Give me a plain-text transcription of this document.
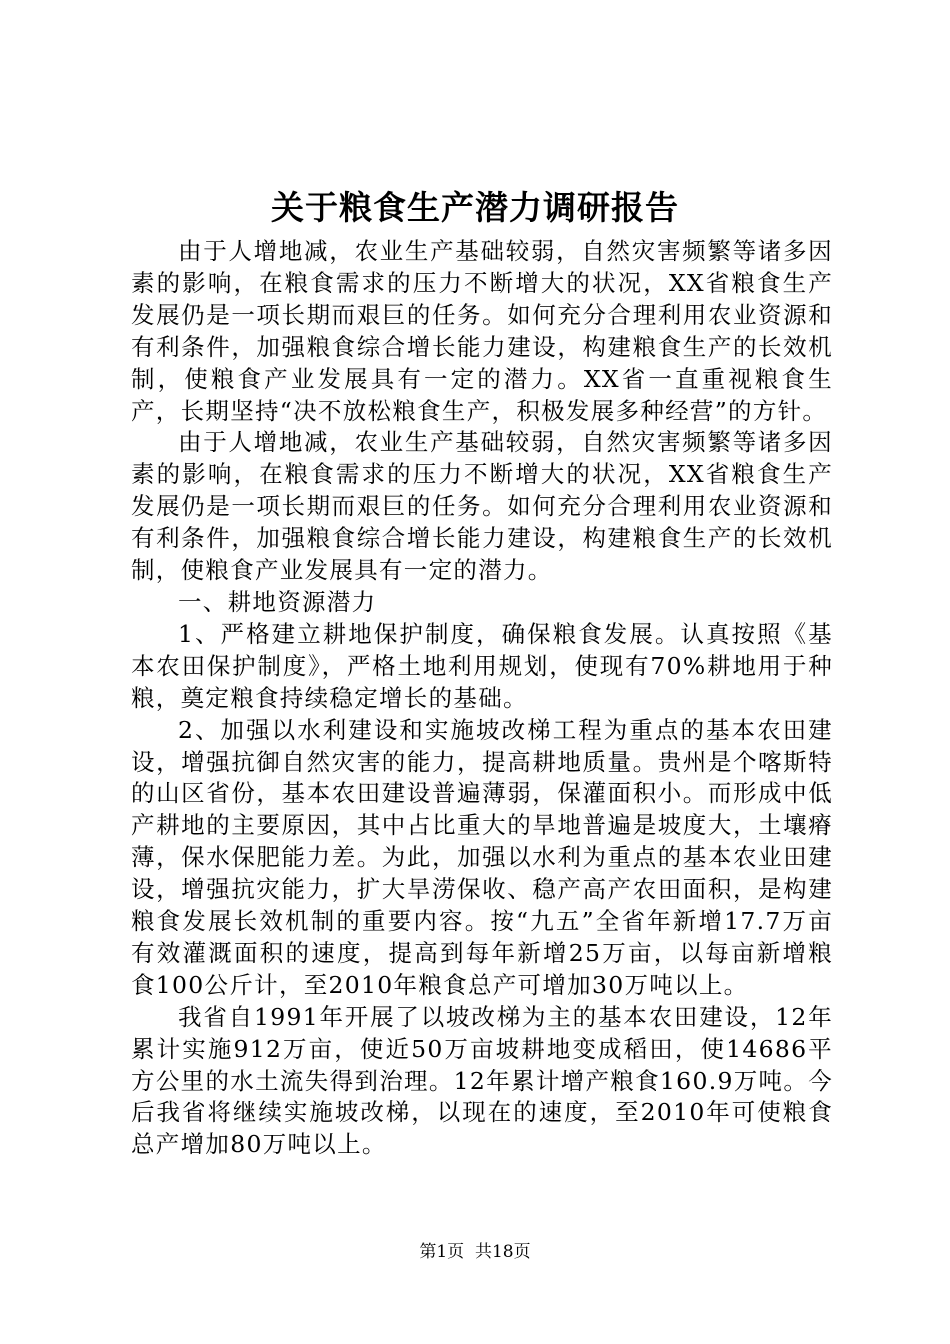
关于粮食生产潜力调研报告

由于人增地减，农业生产基础较弱，自然灾害频繁等诸多因素的影响，在粮食需求的压力不断增大的状况，XX省粮食生产发展仍是一项长期而艰巨的任务。如何充分合理利用农业资源和有利条件，加强粮食综合增长能力建设，构建粮食生产的长效机制，使粮食产业发展具有一定的潜力。XX省一直重视粮食生产，长期坚持“决不放松粮食生产，积极发展多种经营”的方针。

由于人增地减，农业生产基础较弱，自然灾害频繁等诸多因素的影响，在粮食需求的压力不断增大的状况，XX省粮食生产发展仍是一项长期而艰巨的任务。如何充分合理利用农业资源和有利条件，加强粮食综合增长能力建设，构建粮食生产的长效机制，使粮食产业发展具有一定的潜力。

一、耕地资源潜力

1、严格建立耕地保护制度，确保粮食发展。认真按照《基本农田保护制度》，严格土地利用规划，使现有70%耕地用于种粮，奠定粮食持续稳定增长的基础。

2、加强以水利建设和实施坡改梯工程为重点的基本农田建设，增强抗御自然灾害的能力，提高耕地质量。贵州是个喀斯特的山区省份，基本农田建设普遍薄弱，保灌面积小。而形成中低产耕地的主要原因，其中占比重大的旱地普遍是坡度大，土壤瘠薄，保水保肥能力差。为此，加强以水利为重点的基本农业田建设，增强抗灾能力，扩大旱涝保收、稳产高产农田面积，是构建粮食发展长效机制的重要内容。按“九五”全省年新增17.7万亩有效灌溉面积的速度，提高到每年新增25万亩，以每亩新增粮食100公斤计，至2010年粮食总产可增加30万吨以上。

我省自1991年开展了以坡改梯为主的基本农田建设，12年累计实施912万亩，使近50万亩坡耕地变成稻田，使14686平方公里的水土流失得到治理。12年累计增产粮食160.9万吨。今后我省将继续实施坡改梯，以现在的速度，至2010年可使粮食总产增加80万吨以上。

第1页  共18页
